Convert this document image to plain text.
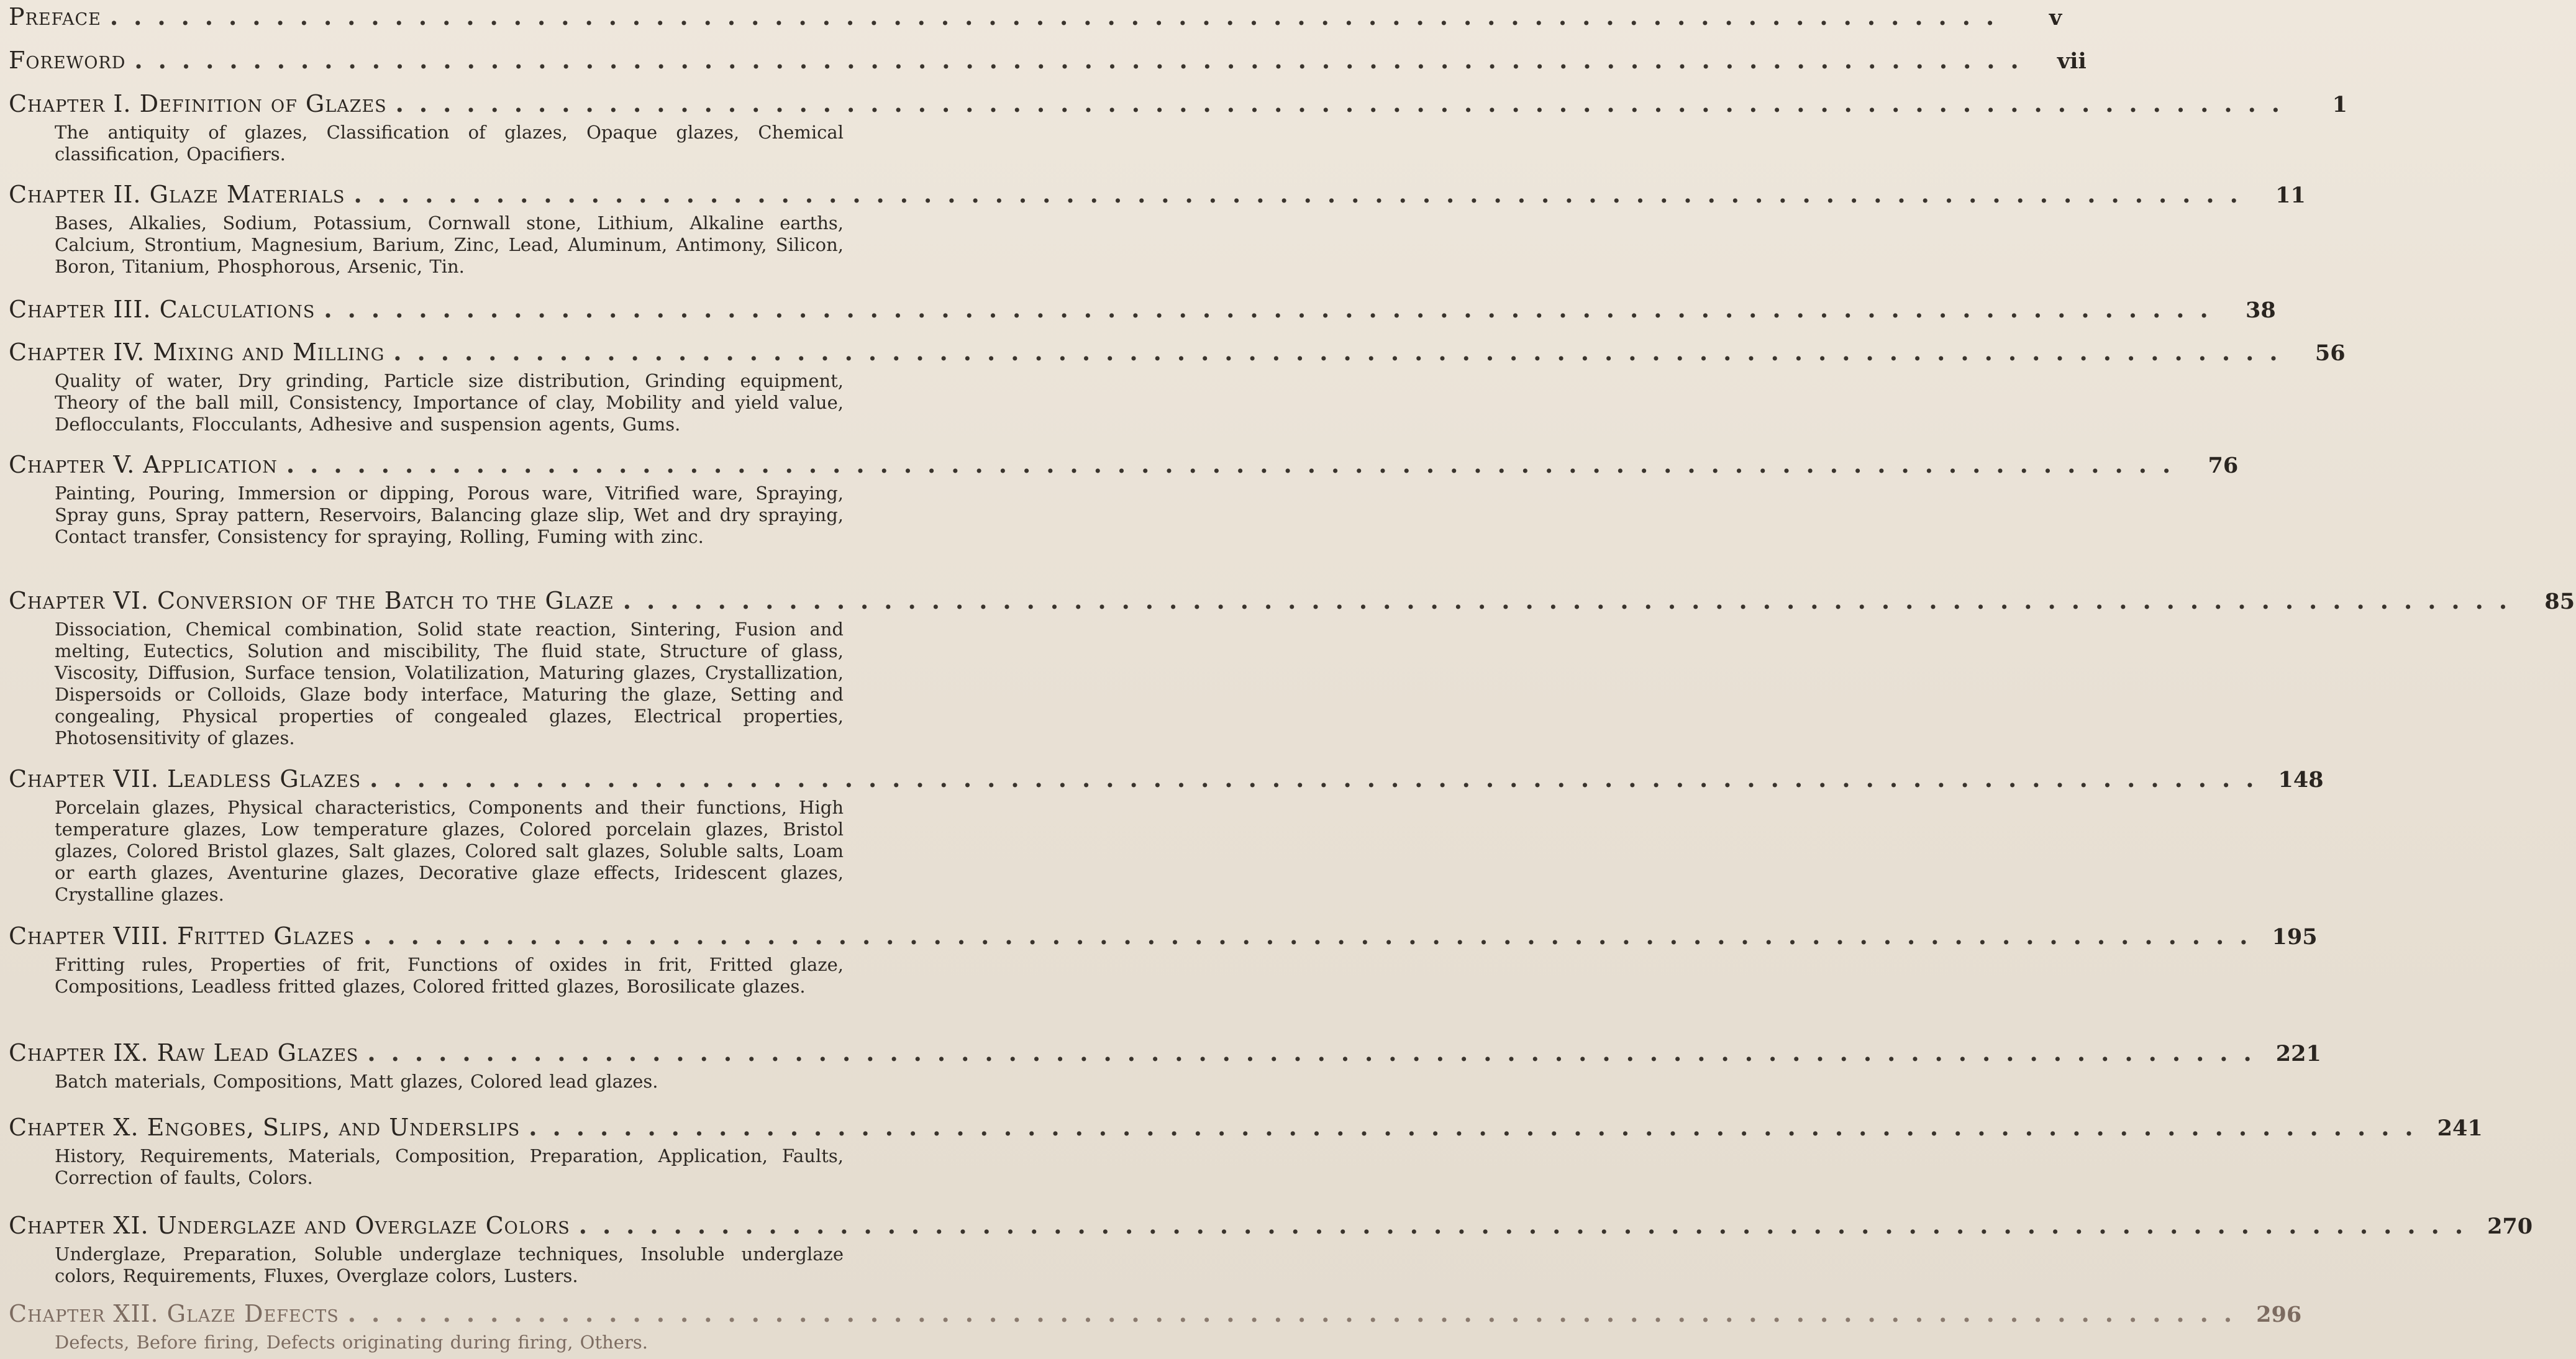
Preface ................................................................................	v
Foreword ................................................................................	vii
Chapter I. Definition of Glazes ................................................................................	1
The antiquity of glazes, Classification of glazes, Opaque glazes, Chemical classification, Opacifiers.
Chapter II. Glaze Materials ................................................................................	11
Bases, Alkalies, Sodium, Potassium, Cornwall stone, Lithium, Alkaline earths, Calcium, Strontium, Magnesium, Barium, Zinc, Lead, Aluminum, Antimony, Silicon, Boron, Titanium, Phosphorous, Arsenic, Tin.
Chapter III. Calculations ................................................................................	38
Chapter IV. Mixing and Milling ................................................................................	56
Quality of water, Dry grinding, Particle size distribution, Grinding equipment, Theory of the ball mill, Consistency, Importance of clay, Mobility and yield value, Deflocculants, Flocculants, Adhesive and suspension agents, Gums.
Chapter V. Application ................................................................................	76
Painting, Pouring, Immersion or dipping, Porous ware, Vitrified ware, Spraying, Spray guns, Spray pattern, Reservoirs, Balancing glaze slip, Wet and dry spraying, Contact transfer, Consistency for spraying, Rolling, Fuming with zinc.
Chapter VI. Conversion of the Batch to the Glaze ................................................................................	85
Dissociation, Chemical combination, Solid state reaction, Sintering, Fusion and melting, Eutectics, Solution and miscibility, The fluid state, Structure of glass, Viscosity, Diffusion, Surface tension, Volatilization, Maturing glazes, Crystallization, Dispersoids or Colloids, Glaze body interface, Maturing the glaze, Setting and congealing, Physical properties of congealed glazes, Electrical properties, Photosensitivity of glazes.
Chapter VII. Leadless Glazes ................................................................................ 148
Porcelain glazes, Physical characteristics, Components and their functions, High temperature glazes, Low temperature glazes, Colored porcelain glazes, Bristol glazes, Colored Bristol glazes, Salt glazes, Colored salt glazes, Soluble salts, Loam or earth glazes, Aventurine glazes, Decorative glaze effects, Iridescent glazes, Crystalline glazes.
Chapter VIII. Fritted Glazes ................................................................................ 195
Fritting rules, Properties of frit, Functions of oxides in frit, Fritted glaze, Compositions, Leadless fritted glazes, Colored fritted glazes, Borosilicate glazes.
Chapter IX. Raw Lead Glazes ................................................................................ 221
Batch materials, Compositions, Matt glazes, Colored lead glazes.
Chapter X. Engobes, Slips, and Underslips ................................................................................ 241
History, Requirements, Materials, Composition, Preparation, Application, Faults, Correction of faults, Colors.
Chapter XI. Underglaze and Overglaze Colors ................................................................................ 270
Underglaze, Preparation, Soluble underglaze techniques, Insoluble underglaze colors, Requirements, Fluxes, Overglaze colors, Lusters.
Chapter XII. Glaze Defects ................................................................................ 296
Defects, Before firing, Defects originating during firing, Others.
